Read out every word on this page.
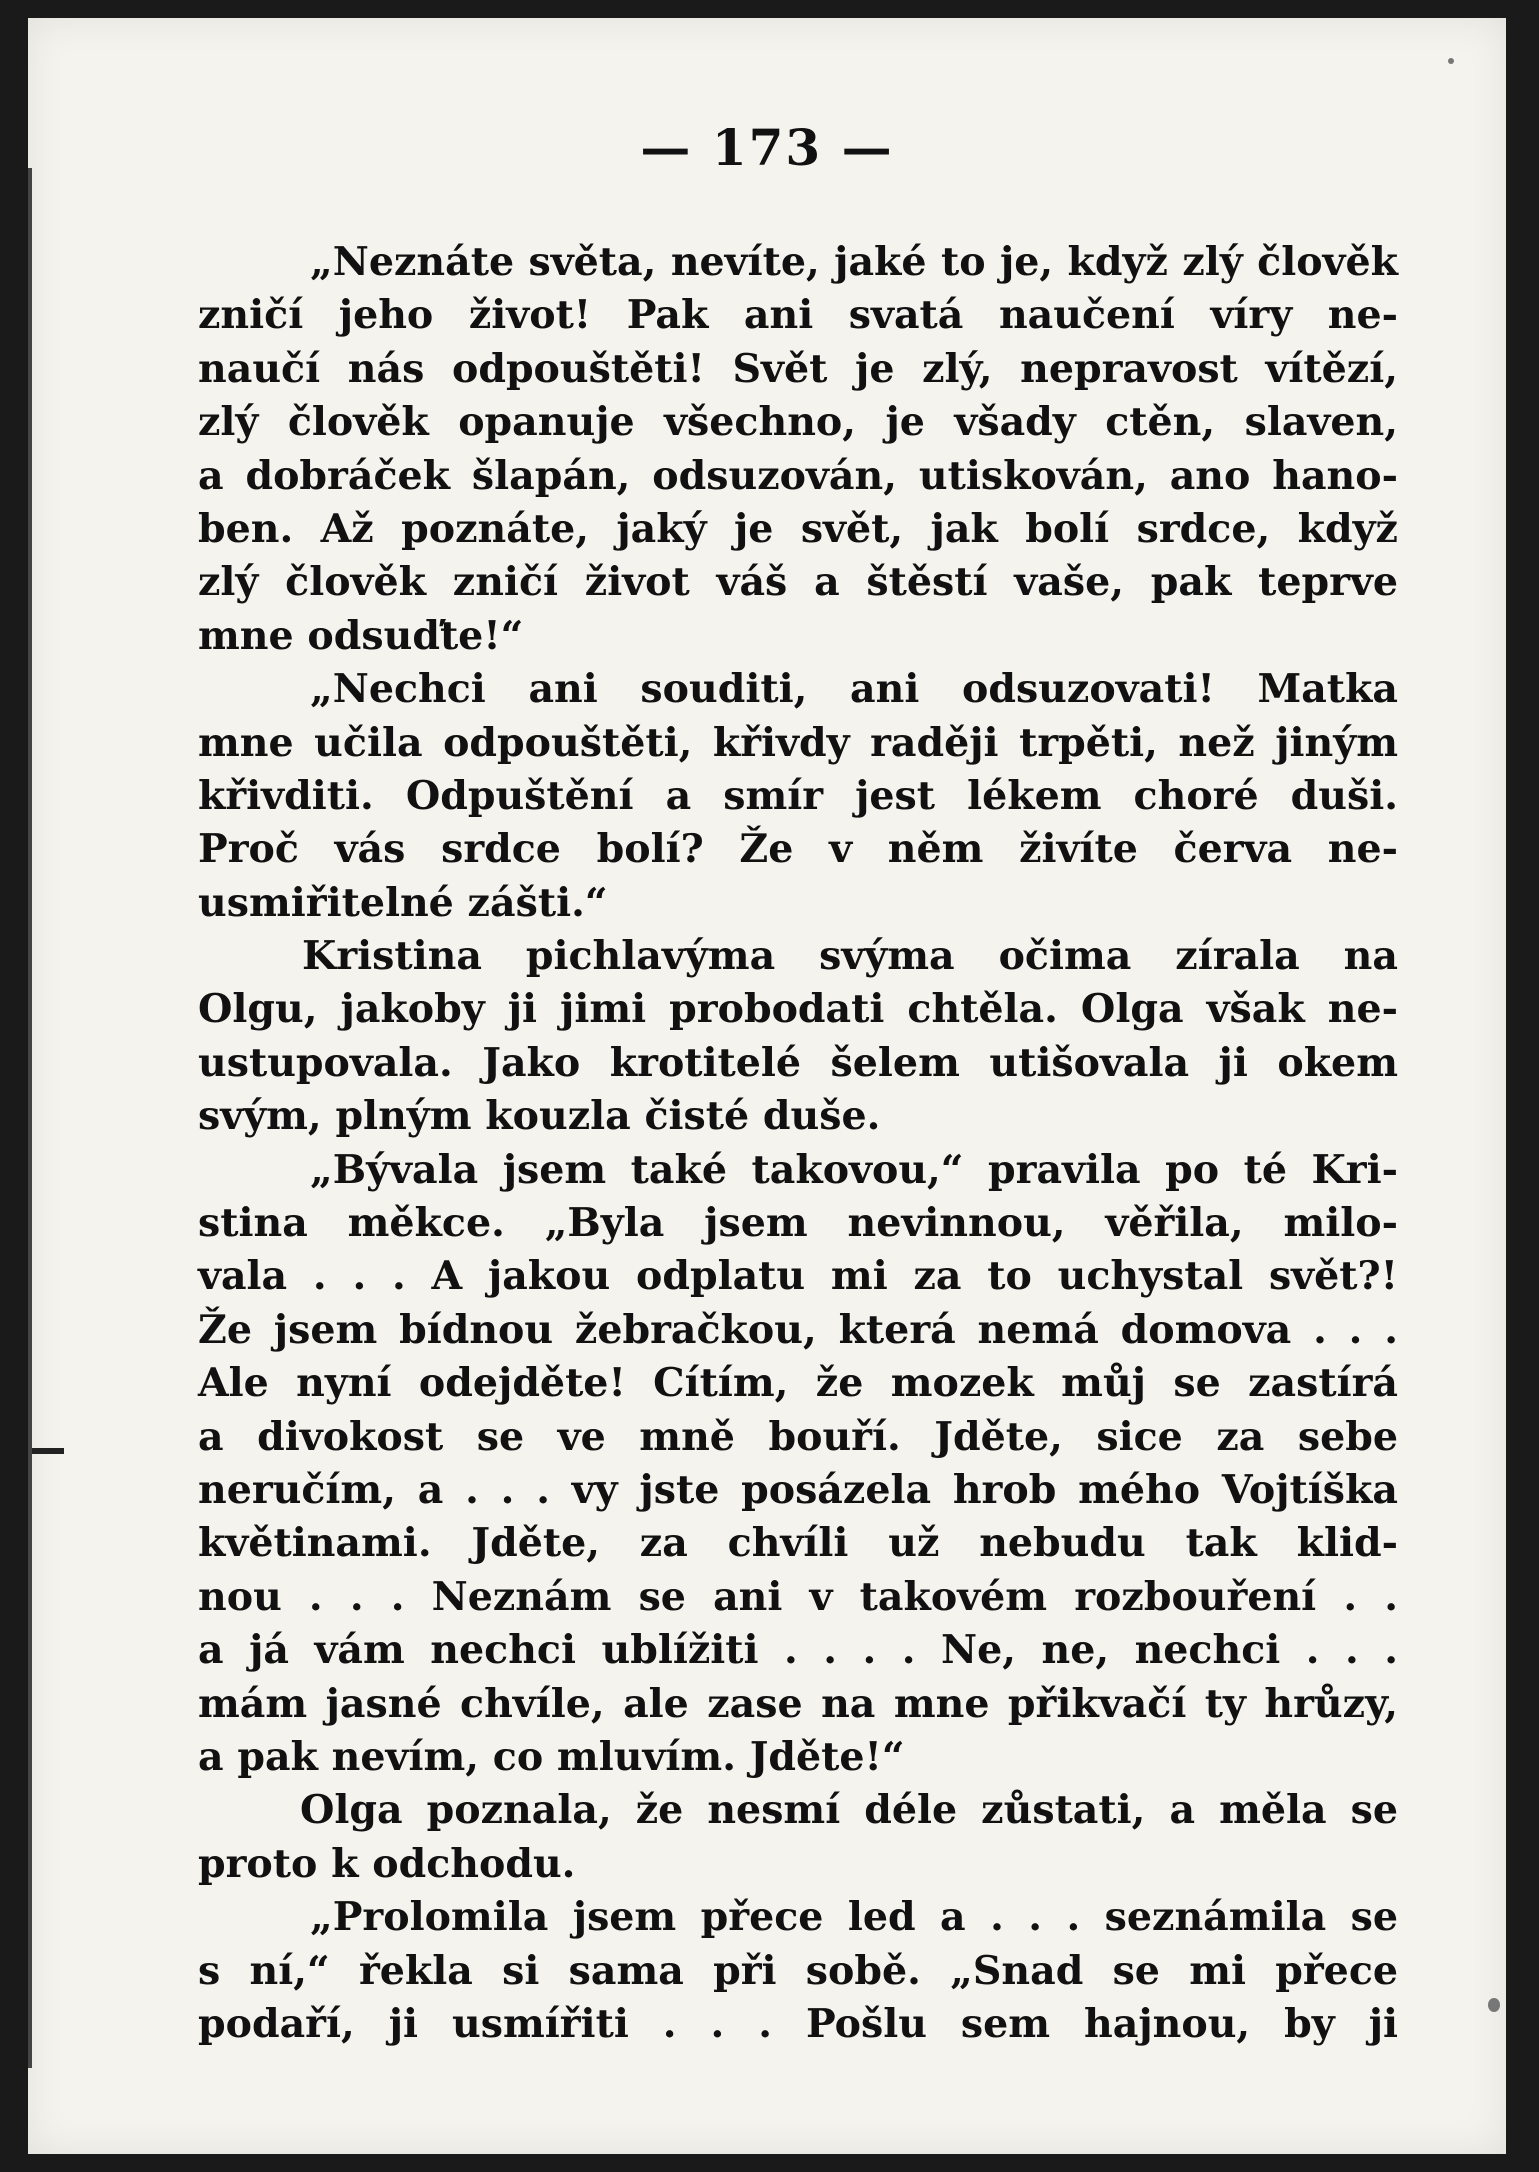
— 173 —
„Neznáte světa, nevíte, jaké to je, když zlý člověk
zničí jeho život! Pak ani svatá naučení víry ne-
naučí nás odpouštěti! Svět je zlý, nepravost vítězí,
zlý člověk opanuje všechno, je všady ctěn, slaven,
a dobráček šlapán, odsuzován, utiskován, ano hano-
ben. Až poznáte, jaký je svět, jak bolí srdce, když
zlý člověk zničí život váš a štěstí vaše, pak teprve
mne odsuďte!“
„Nechci ani souditi, ani odsuzovati! Matka
mne učila odpouštěti, křivdy raději trpěti, než jiným
křivditi. Odpuštění a smír jest lékem choré duši.
Proč vás srdce bolí? Že v něm živíte červa ne-
usmiřitelné zášti.“
Kristina pichlavýma svýma očima zírala na
Olgu, jakoby ji jimi probodati chtěla. Olga však ne-
ustupovala. Jako krotitelé šelem utišovala ji okem
svým, plným kouzla čisté duše.
„Bývala jsem také takovou,“ pravila po té Kri-
stina měkce. „Byla jsem nevinnou, věřila, milo-
vala . . . A jakou odplatu mi za to uchystal svět?!
Že jsem bídnou žebračkou, která nemá domova . . .
Ale nyní odejděte! Cítím, že mozek můj se zastírá
a divokost se ve mně bouří. Jděte, sice za sebe
neručím, a . . . vy jste posázela hrob mého Vojtíška
květinami. Jděte, za chvíli už nebudu tak klid-
nou . . . Neznám se ani v takovém rozbouření . .
a já vám nechci ublížiti . . . . Ne, ne, nechci . . .
mám jasné chvíle, ale zase na mne přikvačí ty hrůzy,
a pak nevím, co mluvím. Jděte!“
Olga poznala, že nesmí déle zůstati, a měla se
proto k odchodu.
„Prolomila jsem přece led a . . . seznámila se
s ní,“ řekla si sama při sobě. „Snad se mi přece
podaří, ji usmířiti . . . Pošlu sem hajnou, by ji
